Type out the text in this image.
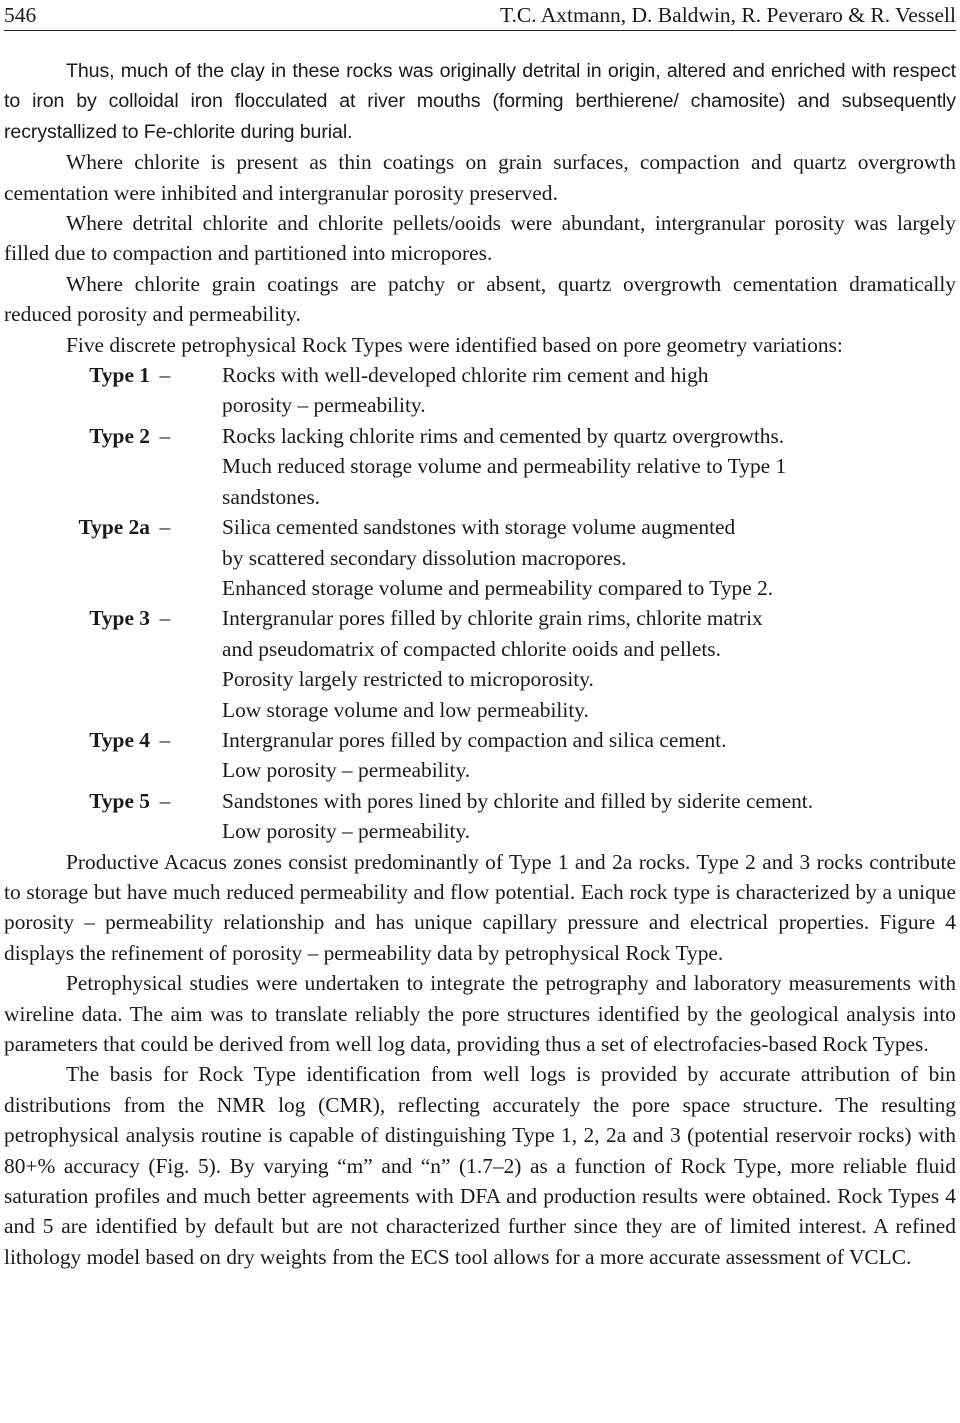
546	T.C. Axtmann, D. Baldwin, R. Peveraro & R. Vessell

Thus, much of the clay in these rocks was originally detrital in origin, altered and enriched with respect to iron by colloidal iron flocculated at river mouths (forming berthierene/ chamosite) and subsequently recrystallized to Fe-chlorite during burial.

Where chlorite is present as thin coatings on grain surfaces, compaction and quartz overgrowth cementation were inhibited and intergranular porosity preserved.

Where detrital chlorite and chlorite pellets/ooids were abundant, intergranular porosity was largely filled due to compaction and partitioned into micropores.

Where chlorite grain coatings are patchy or absent, quartz overgrowth cementation dramatically reduced porosity and permeability.

Five discrete petrophysical Rock Types were identified based on pore geometry variations:

Type 1 –	Rocks with well-developed chlorite rim cement and high
porosity – permeability.
Type 2 –	Rocks lacking chlorite rims and cemented by quartz overgrowths.
Much reduced storage volume and permeability relative to Type 1
sandstones.
Type 2a –	Silica cemented sandstones with storage volume augmented
by scattered secondary dissolution macropores.
Enhanced storage volume and permeability compared to Type 2.
Type 3 –	Intergranular pores filled by chlorite grain rims, chlorite matrix
and pseudomatrix of compacted chlorite ooids and pellets.
Porosity largely restricted to microporosity.
Low storage volume and low permeability.
Type 4 –	Intergranular pores filled by compaction and silica cement.
Low porosity – permeability.
Type 5 –	Sandstones with pores lined by chlorite and filled by siderite cement.
Low porosity – permeability.

Productive Acacus zones consist predominantly of Type 1 and 2a rocks. Type 2 and 3 rocks contribute to storage but have much reduced permeability and flow potential. Each rock type is characterized by a unique porosity – permeability relationship and has unique capillary pressure and electrical properties. Figure 4 displays the refinement of porosity – permeability data by petrophysical Rock Type.

Petrophysical studies were undertaken to integrate the petrography and laboratory measurements with wireline data. The aim was to translate reliably the pore structures identified by the geological analysis into parameters that could be derived from well log data, providing thus a set of electrofacies-based Rock Types.

The basis for Rock Type identification from well logs is provided by accurate attribution of bin distributions from the NMR log (CMR), reflecting accurately the pore space structure. The resulting petrophysical analysis routine is capable of distinguishing Type 1, 2, 2a and 3 (potential reservoir rocks) with 80+% accuracy (Fig. 5). By varying “m” and “n” (1.7–2) as a function of Rock Type, more reliable fluid saturation profiles and much better agreements with DFA and production results were obtained. Rock Types 4 and 5 are identified by default but are not characterized further since they are of limited interest. A refined lithology model based on dry weights from the ECS tool allows for a more accurate assessment of VCLC.
